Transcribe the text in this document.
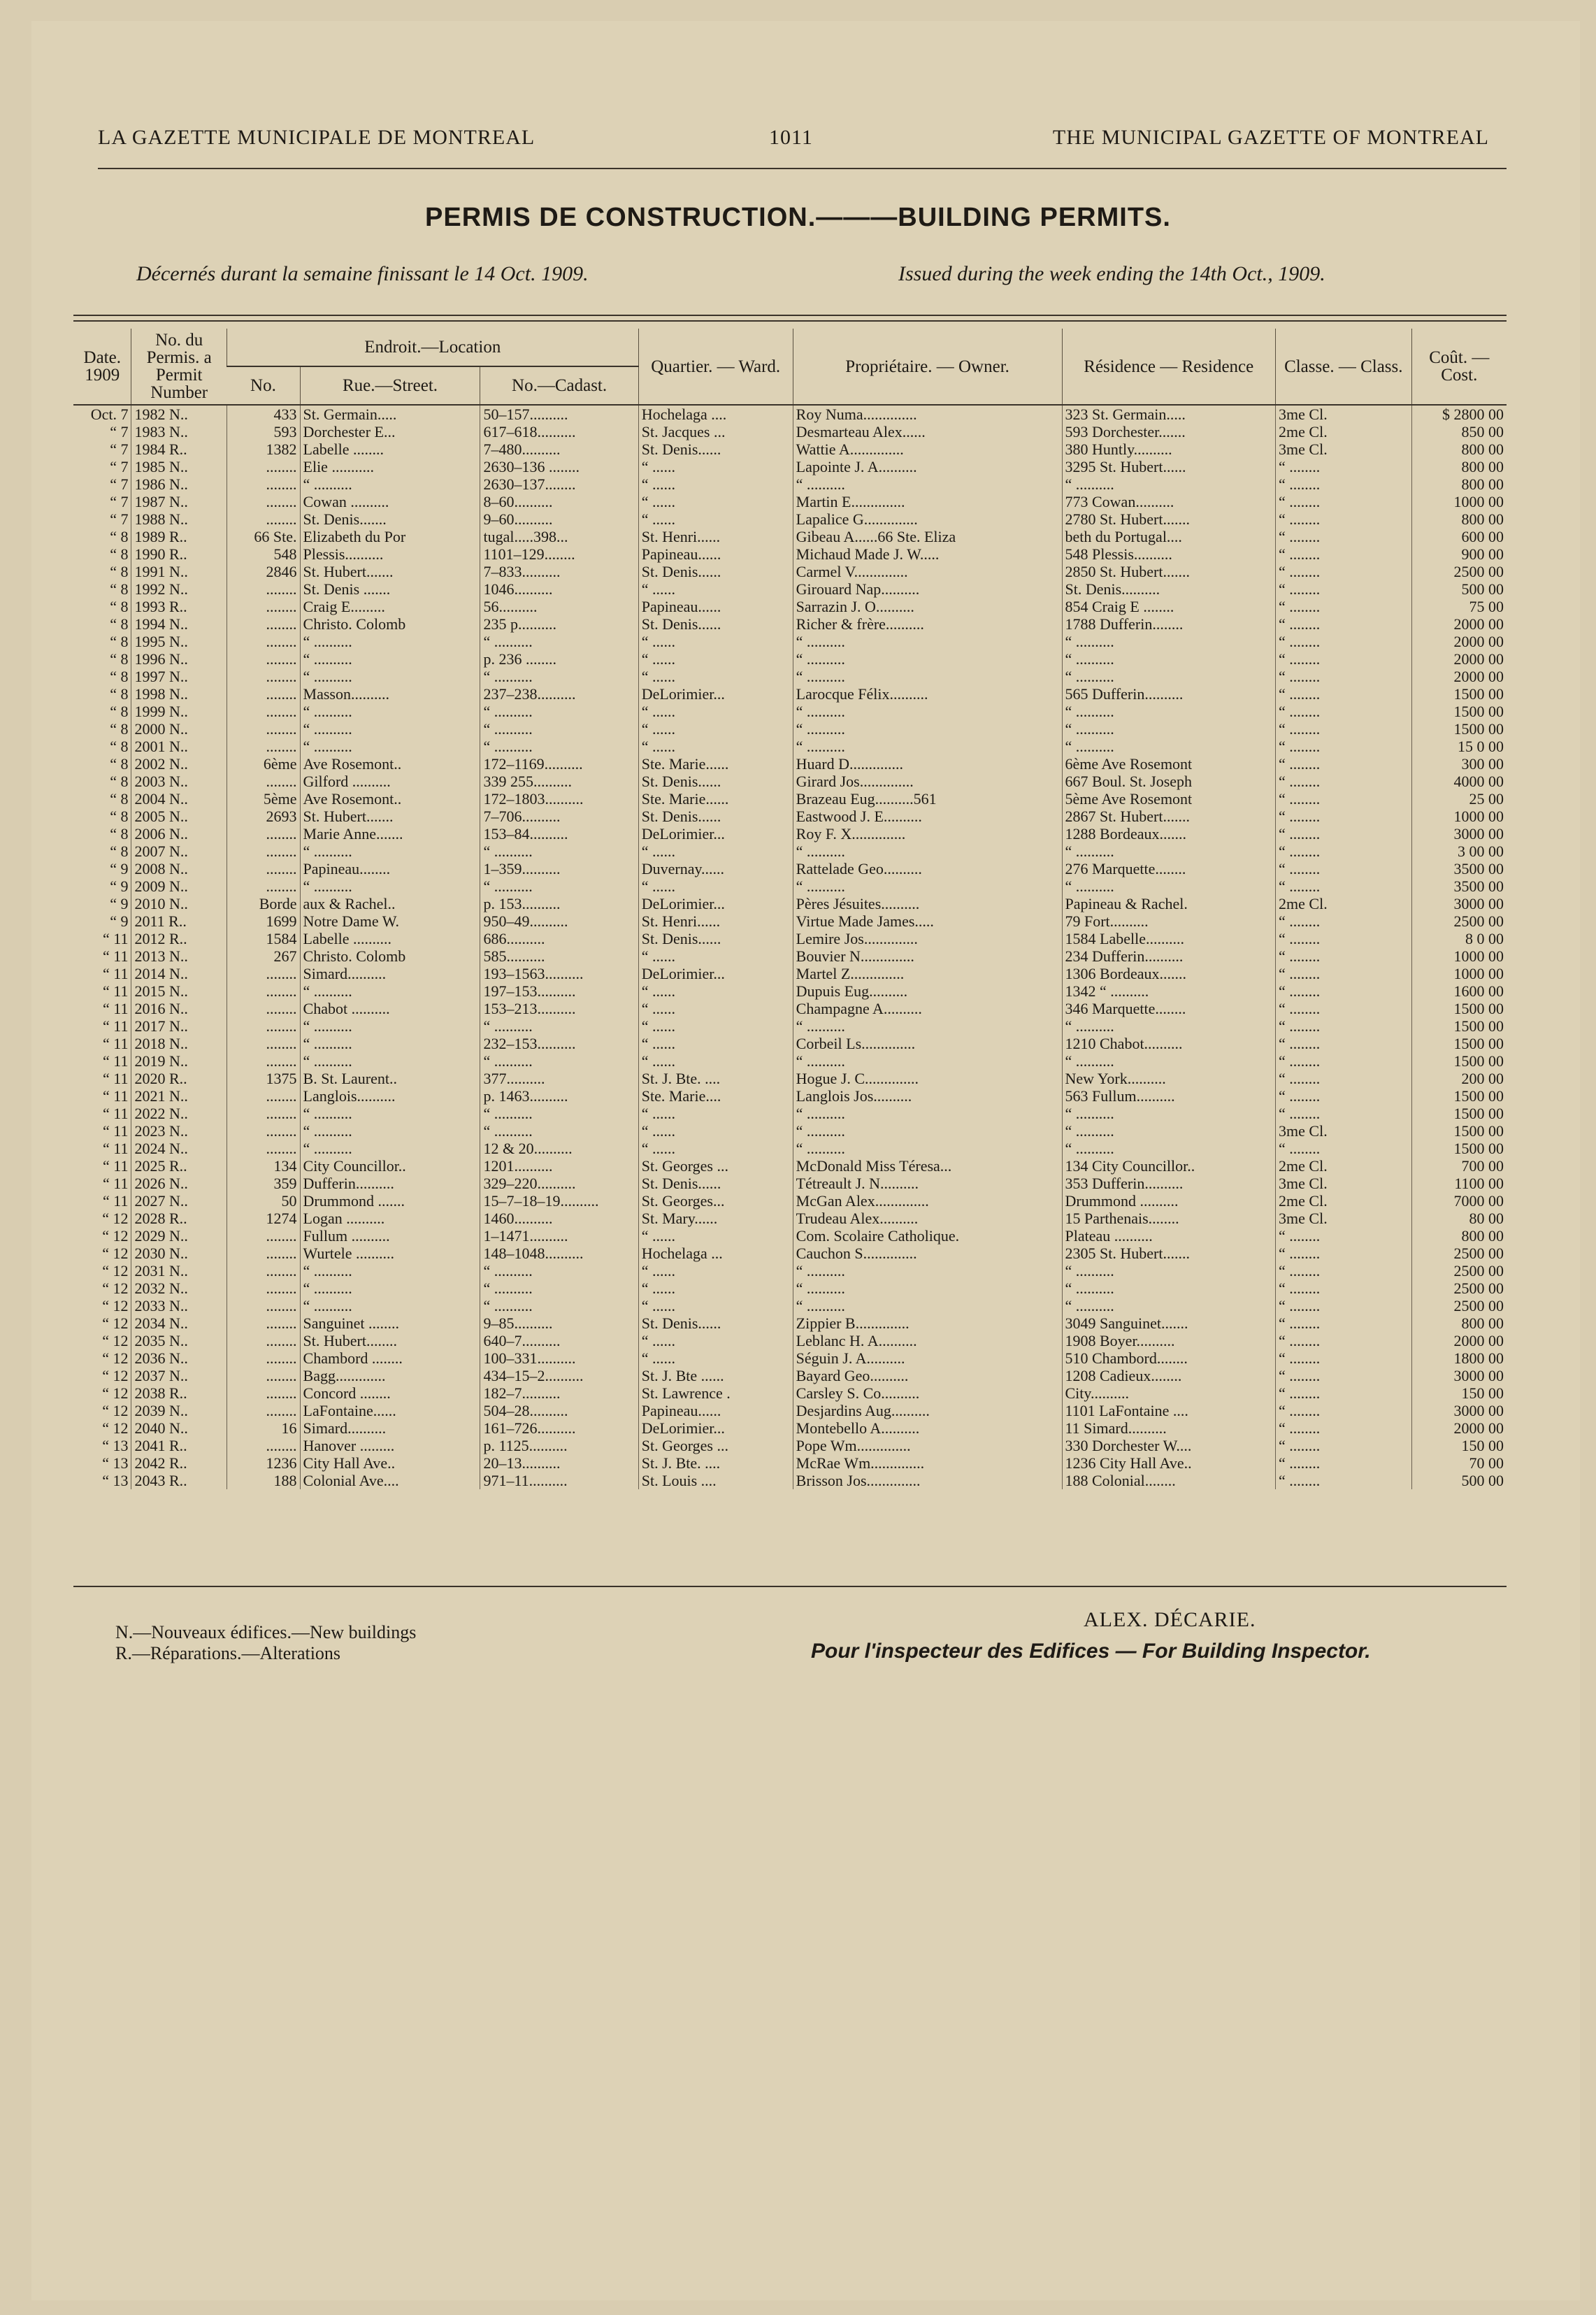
LA GAZETTE MUNICIPALE DE MONTREAL	1011	THE MUNICIPAL GAZETTE OF MONTREAL
PERMIS DE CONSTRUCTION.———BUILDING PERMITS.
Décernés durant la semaine finissant le 14 Oct. 1909.	Issued during the week ending the 14th Oct., 1909.
Date. 1909	No. du Permis. a Permit Number	Endroit.—Location			Quartier. — Ward.	Propriétaire. — Owner.	Résidence — Residence	Classe. — Class.	Coût. — Cost.
		No.	Rue.—Street.	No.—Cadast.					
Oct. 7	1982 N..	433	St. Germain.....	50–157..........	Hochelaga ....	Roy Numa..............	323 St. Germain.....	3me Cl.	$ 2800 00
“ 7	1983 N..	593	Dorchester E...	617–618..........	St. Jacques ...	Desmarteau Alex......	593 Dorchester.......	2me Cl.	850 00
“ 7	1984 R..	1382	Labelle ........	7–480..........	St. Denis......	Wattie A..............	380 Huntly..........	3me Cl.	800 00
“ 7	1985 N..	........	Elie ...........	2630–136 ........	“ ......	Lapointe J. A..........	3295 St. Hubert......	“ ........	800 00
“ 7	1986 N..	........	“ ..........	2630–137........	“ ......	“ ..........	“ ..........	“ ........	800 00
“ 7	1987 N..	........	Cowan ..........	8–60..........	“ ......	Martin E..............	773 Cowan..........	“ ........	1000 00
“ 7	1988 N..	........	St. Denis.......	9–60..........	“ ......	Lapalice G..............	2780 St. Hubert.......	“ ........	800 00
“ 8	1989 R..	66 Ste.	Elizabeth du Por	tugal.....398...	St. Henri......	Gibeau A......66 Ste. Eliza	beth du Portugal....	“ ........	600 00
“ 8	1990 R..	548	Plessis..........	1101–129........	Papineau......	Michaud Made J. W.....	548 Plessis..........	“ ........	900 00
“ 8	1991 N..	2846	St. Hubert.......	7–833..........	St. Denis......	Carmel V..............	2850 St. Hubert.......	“ ........	2500 00
“ 8	1992 N..	........	St. Denis .......	1046..........	“ ......	Girouard Nap..........	St. Denis..........	“ ........	500 00
“ 8	1993 R..	........	Craig E.........	56..........	Papineau......	Sarrazin J. O..........	854 Craig E ........	“ ........	75 00
“ 8	1994 N..	........	Christo. Colomb	235 p..........	St. Denis......	Richer & frère..........	1788 Dufferin........	“ ........	2000 00
“ 8	1995 N..	........	“ ..........	“ ..........	“ ......	“ ..........	“ ..........	“ ........	2000 00
“ 8	1996 N..	........	“ ..........	p. 236 ........	“ ......	“ ..........	“ ..........	“ ........	2000 00
“ 8	1997 N..	........	“ ..........	“ ..........	“ ......	“ ..........	“ ..........	“ ........	2000 00
“ 8	1998 N..	........	Masson..........	237–238..........	DeLorimier...	Larocque Félix..........	565 Dufferin..........	“ ........	1500 00
“ 8	1999 N..	........	“ ..........	“ ..........	“ ......	“ ..........	“ ..........	“ ........	1500 00
“ 8	2000 N..	........	“ ..........	“ ..........	“ ......	“ ..........	“ ..........	“ ........	1500 00
“ 8	2001 N..	........	“ ..........	“ ..........	“ ......	“ ..........	“ ..........	“ ........	15 0 00
“ 8	2002 N..	6ème	Ave Rosemont..	172–1169..........	Ste. Marie......	Huard D..............	6ème Ave Rosemont	“ ........	300 00
“ 8	2003 N..	........	Gilford ..........	339 255..........	St. Denis......	Girard Jos..............	667 Boul. St. Joseph	“ ........	4000 00
“ 8	2004 N..	5ème	Ave Rosemont..	172–1803..........	Ste. Marie......	Brazeau Eug..........561	5ème Ave Rosemont	“ ........	25 00
“ 8	2005 N..	2693	St. Hubert.......	7–706..........	St. Denis......	Eastwood J. E..........	2867 St. Hubert.......	“ ........	1000 00
“ 8	2006 N..	........	Marie Anne.......	153–84..........	DeLorimier...	Roy F. X..............	1288 Bordeaux.......	“ ........	3000 00
“ 8	2007 N..	........	“ ..........	“ ..........	“ ......	“ ..........	“ ..........	“ ........	3 00 00
“ 9	2008 N..	........	Papineau........	1–359..........	Duvernay......	Rattelade Geo..........	276 Marquette........	“ ........	3500 00
“ 9	2009 N..	........	“ ..........	“ ..........	“ ......	“ ..........	“ ..........	“ ........	3500 00
“ 9	2010 N..	Borde	aux & Rachel..	p. 153..........	DeLorimier...	Pères Jésuites..........	Papineau & Rachel.	2me Cl.	3000 00
“ 9	2011 R..	1699	Notre Dame W.	950–49..........	St. Henri......	Virtue Made James.....	79 Fort..........	“ ........	2500 00
“ 11	2012 R..	1584	Labelle ..........	686..........	St. Denis......	Lemire Jos..............	1584 Labelle..........	“ ........	8 0 00
“ 11	2013 N..	267	Christo. Colomb	585..........	“ ......	Bouvier N..............	234 Dufferin..........	“ ........	1000 00
“ 11	2014 N..	........	Simard..........	193–1563..........	DeLorimier...	Martel Z..............	1306 Bordeaux.......	“ ........	1000 00
“ 11	2015 N..	........	“ ..........	197–153..........	“ ......	Dupuis Eug..........	1342 “ ..........	“ ........	1600 00
“ 11	2016 N..	........	Chabot ..........	153–213..........	“ ......	Champagne A..........	346 Marquette........	“ ........	1500 00
“ 11	2017 N..	........	“ ..........	“ ..........	“ ......	“ ..........	“ ..........	“ ........	1500 00
“ 11	2018 N..	........	“ ..........	232–153..........	“ ......	Corbeil Ls..............	1210 Chabot..........	“ ........	1500 00
“ 11	2019 N..	........	“ ..........	“ ..........	“ ......	“ ..........	“ ..........	“ ........	1500 00
“ 11	2020 R..	1375	B. St. Laurent..	377..........	St. J. Bte. ....	Hogue J. C..............	New York..........	“ ........	200 00
“ 11	2021 N..	........	Langlois..........	p. 1463..........	Ste. Marie....	Langlois Jos..........	563 Fullum..........	“ ........	1500 00
“ 11	2022 N..	........	“ ..........	“ ..........	“ ......	“ ..........	“ ..........	“ ........	1500 00
“ 11	2023 N..	........	“ ..........	“ ..........	“ ......	“ ..........	“ ..........	3me Cl.	1500 00
“ 11	2024 N..	........	“ ..........	12 & 20..........	“ ......	“ ..........	“ ..........	“ ........	1500 00
“ 11	2025 R..	134	City Councillor..	1201..........	St. Georges ...	McDonald Miss Téresa...	134 City Councillor..	2me Cl.	700 00
“ 11	2026 N..	359	Dufferin..........	329–220..........	St. Denis......	Tétreault J. N..........	353 Dufferin..........	3me Cl.	1100 00
“ 11	2027 N..	50	Drummond .......	15–7–18–19..........	St. Georges...	McGan Alex..............	Drummond ..........	2me Cl.	7000 00
“ 12	2028 R..	1274	Logan ..........	1460..........	St. Mary......	Trudeau Alex..........	15 Parthenais........	3me Cl.	80 00
“ 12	2029 N..	........	Fullum ..........	1–1471..........	“ ......	Com. Scolaire Catholique.	Plateau ..........	“ ........	800 00
“ 12	2030 N..	........	Wurtele ..........	148–1048..........	Hochelaga ...	Cauchon S..............	2305 St. Hubert.......	“ ........	2500 00
“ 12	2031 N..	........	“ ..........	“ ..........	“ ......	“ ..........	“ ..........	“ ........	2500 00
“ 12	2032 N..	........	“ ..........	“ ..........	“ ......	“ ..........	“ ..........	“ ........	2500 00
“ 12	2033 N..	........	“ ..........	“ ..........	“ ......	“ ..........	“ ..........	“ ........	2500 00
“ 12	2034 N..	........	Sanguinet ........	9–85..........	St. Denis......	Zippier B..............	3049 Sanguinet.......	“ ........	800 00
“ 12	2035 N..	........	St. Hubert........	640–7..........	“ ......	Leblanc H. A..........	1908 Boyer..........	“ ........	2000 00
“ 12	2036 N..	........	Chambord ........	100–331..........	“ ......	Séguin J. A..........	510 Chambord........	“ ........	1800 00
“ 12	2037 N..	........	Bagg.............	434–15–2..........	St. J. Bte ......	Bayard Geo..........	1208 Cadieux........	“ ........	3000 00
“ 12	2038 R..	........	Concord ........	182–7..........	St. Lawrence .	Carsley S. Co..........	City..........	“ ........	150 00
“ 12	2039 N..	........	LaFontaine......	504–28..........	Papineau......	Desjardins Aug..........	1101 LaFontaine ....	“ ........	3000 00
“ 12	2040 N..	16	Simard..........	161–726..........	DeLorimier...	Montebello A..........	11 Simard..........	“ ........	2000 00
“ 13	2041 R..	........	Hanover .........	p. 1125..........	St. Georges ...	Pope Wm..............	330 Dorchester W....	“ ........	150 00
“ 13	2042 R..	1236	City Hall Ave..	20–13..........	St. J. Bte. ....	McRae Wm..............	1236 City Hall Ave..	“ ........	70 00
“ 13	2043 R..	188	Colonial Ave....	971–11..........	St. Louis ....	Brisson Jos..............	188 Colonial........	“ ........	500 00
N.—Nouveaux édifices.—New buildings
R.—Réparations.—Alterations
ALEX. DÉCARIE.
Pour l'inspecteur des Edifices — For Building Inspector.
